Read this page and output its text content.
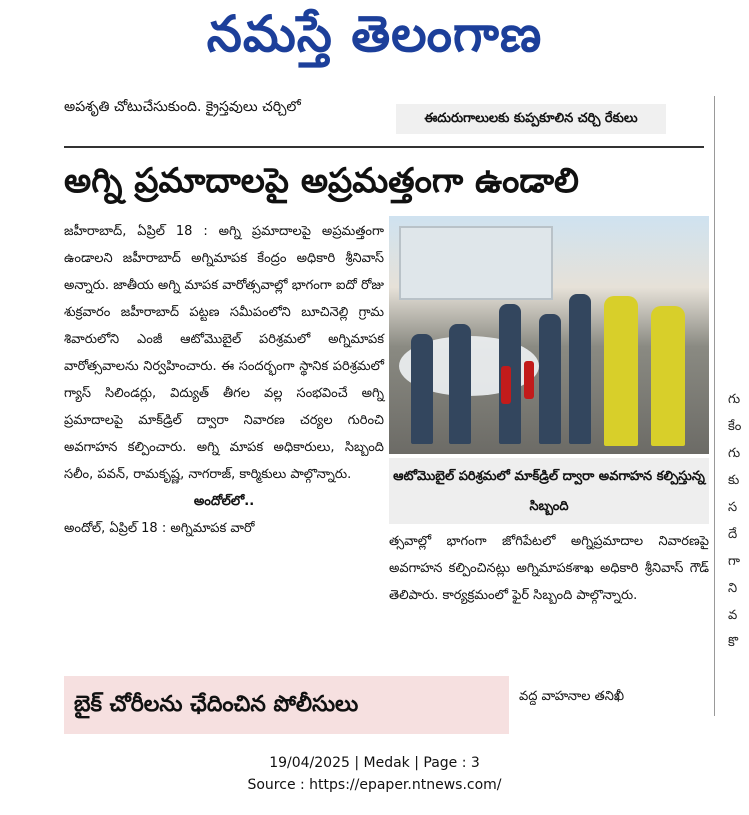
నమస్తే తెలంగాణ
అపశృతి చోటుచేసుకుంది. క్రైస్తవులు చర్చిలో
ఈదురుగాలులకు కుప్పకూలిన చర్చి రేకులు
అగ్ని ప్రమాదాలపై అప్రమత్తంగా ఉండాలి

జహీరాబాద్, ఏప్రిల్ 18 : అగ్ని ప్రమాదాలపై అప్రమత్తంగా ఉండాలని జహీరాబాద్ అగ్నిమాపక కేంద్రం అధికారి శ్రీనివాస్ అన్నారు. జాతీయ అగ్ని మాపక వారోత్సవాల్లో భాగంగా ఐదో రోజు శుక్రవారం జహీరాబాద్ పట్టణ సమీపంలోని బూచినెల్లి గ్రామ శివారులోని ఎంజీ ఆటోమొబైల్ పరిశ్రమలో అగ్నిమాపక వారోత్సవాలను నిర్వహించారు. ఈ సందర్భంగా స్థానిక పరిశ్రమలో గ్యాస్ సిలిండర్లు, విద్యుత్ తీగల వల్ల సంభవించే అగ్ని ప్రమాదాలపై మాక్‌డ్రిల్ ద్వారా నివారణ చర్యల గురించి అవగాహన కల్పించారు. అగ్ని మాపక అధికారులు, సిబ్బంది సలీం, పవన్, రామకృష్ణ, నాగరాజ్, కార్మికులు పాల్గొన్నారు.

అందోల్‌లో..

అందోల్, ఏప్రిల్ 18 : అగ్నిమాపక వారో

ఆటోమొబైల్ పరిశ్రమలో మాక్‌డ్రిల్ ద్వారా అవగాహన కల్పిస్తున్న సిబ్బంది

త్సవాల్లో భాగంగా జోగిపేటలో అగ్నిప్రమాదాల నివారణపై అవగాహన కల్పించినట్లు అగ్నిమాపకశాఖ అధికారి శ్రీనివాస్ గౌడ్ తెలిపారు. కార్యక్రమంలో ఫైర్ సిబ్బంది పాల్గొన్నారు.

గు
కేం
గు
కు
స
దే
గా
ని
వ
కొ
బైక్ చోరీలను ఛేదించిన పోలీసులు	వద్ద వాహనాల తనిఖీ
19/04/2025 | Medak | Page : 3
Source : https://epaper.ntnews.com/
